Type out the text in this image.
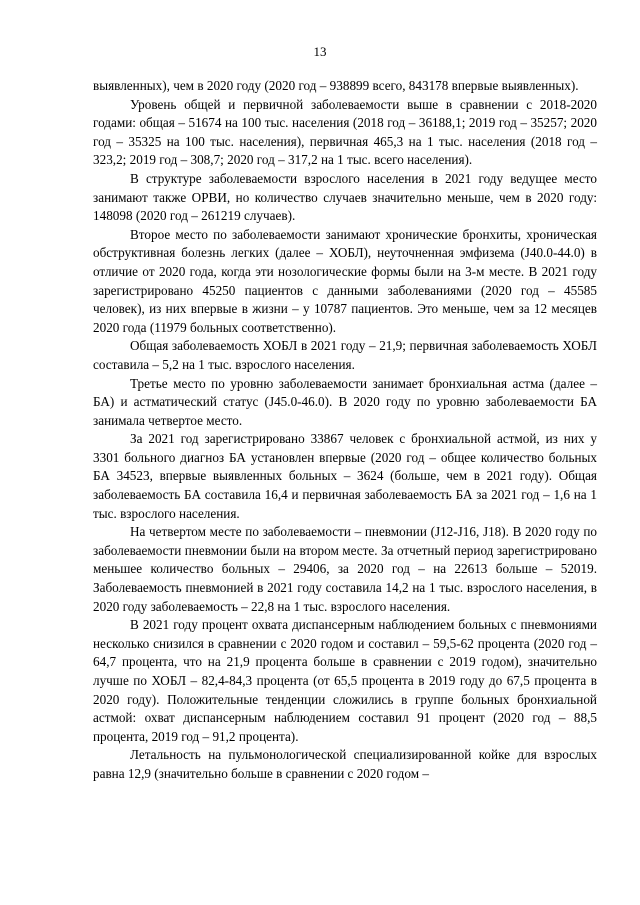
13

выявленных), чем в 2020 году (2020 год – 938899 всего, 843178 впервые выявленных).

Уровень общей и первичной заболеваемости выше в сравнении с 2018-2020 годами: общая – 51674 на 100 тыс. населения (2018 год – 36188,1; 2019 год – 35257; 2020 год – 35325 на 100 тыс. населения), первичная 465,3 на 1 тыс. населения (2018 год – 323,2; 2019 год – 308,7; 2020 год – 317,2 на 1 тыс. всего населения).

В структуре заболеваемости взрослого населения в 2021 году ведущее место занимают также ОРВИ, но количество случаев значительно меньше, чем в 2020 году: 148098 (2020 год – 261219 случаев).

Второе место по заболеваемости занимают хронические бронхиты, хроническая обструктивная болезнь легких (далее – ХОБЛ), неуточненная эмфизема (J40.0-44.0) в отличие от 2020 года, когда эти нозологические формы были на 3-м месте. В 2021 году зарегистрировано 45250 пациентов с данными заболеваниями (2020 год – 45585 человек), из них впервые в жизни – у 10787 пациентов. Это меньше, чем за 12 месяцев 2020 года (11979 больных соответственно).

Общая заболеваемость ХОБЛ в 2021 году – 21,9; первичная заболеваемость ХОБЛ составила – 5,2 на 1 тыс. взрослого населения.

Третье место по уровню заболеваемости занимает бронхиальная астма (далее – БА) и астматический статус (J45.0-46.0). В 2020 году по уровню заболеваемости БА занимала четвертое место.

За 2021 год зарегистрировано 33867 человек с бронхиальной астмой, из них у 3301 больного диагноз БА установлен впервые (2020 год – общее количество больных БА 34523, впервые выявленных больных – 3624 (больше, чем в 2021 году). Общая заболеваемость БА составила 16,4 и первичная заболеваемость БА за 2021 год – 1,6 на 1 тыс. взрослого населения.

На четвертом месте по заболеваемости – пневмонии (J12-J16, J18). В 2020 году по заболеваемости пневмонии были на втором месте. За отчетный период зарегистрировано меньшее количество больных – 29406, за 2020 год – на 22613 больше – 52019. Заболеваемость пневмонией в 2021 году составила 14,2 на 1 тыс. взрослого населения, в 2020 году заболеваемость – 22,8 на 1 тыс. взрослого населения.

В 2021 году процент охвата диспансерным наблюдением больных с пневмониями несколько снизился в сравнении с 2020 годом и составил – 59,5-62 процента (2020 год – 64,7 процента, что на 21,9 процента больше в сравнении с 2019 годом), значительно лучше по ХОБЛ – 82,4-84,3 процента (от 65,5 процента в 2019 году до 67,5 процента в 2020 году). Положительные тенденции сложились в группе больных бронхиальной астмой: охват диспансерным наблюдением составил 91 процент (2020 год – 88,5 процента, 2019 год – 91,2 процента).

Летальность на пульмонологической специализированной койке для взрослых равна 12,9 (значительно больше в сравнении с 2020 годом –
